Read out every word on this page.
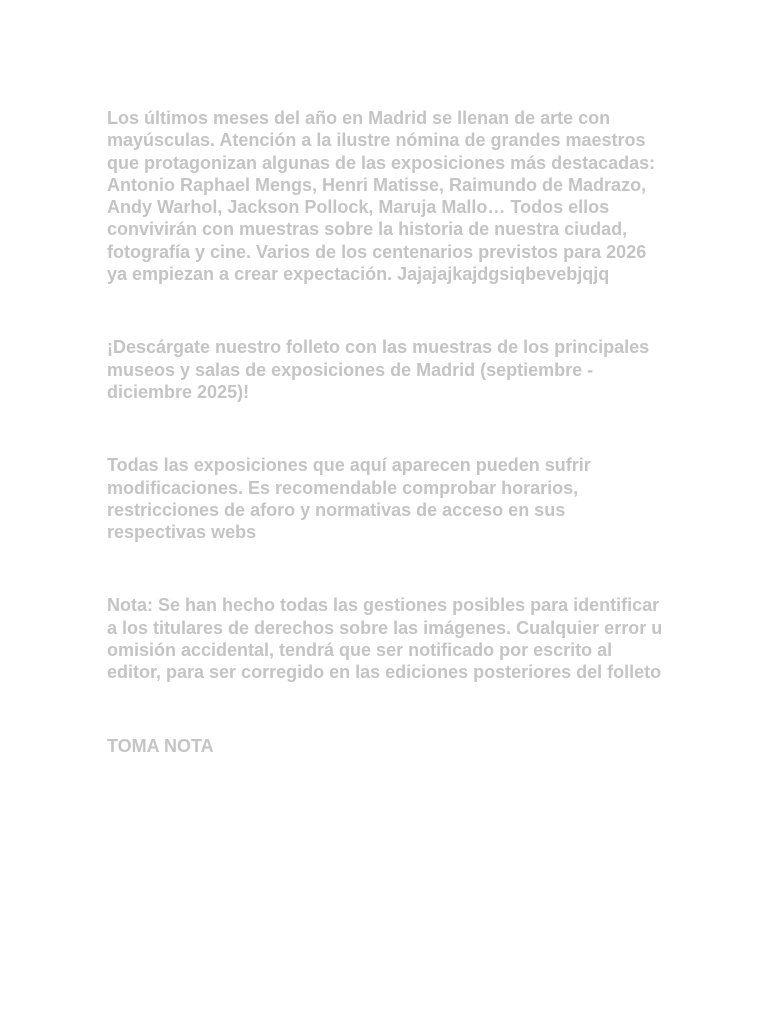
Los últimos meses del año en Madrid se llenan de arte con mayúsculas. Atención a la ilustre nómina de grandes maestros que protagonizan algunas de las exposiciones más destacadas: Antonio Raphael Mengs, Henri Matisse, Raimundo de Madrazo, Andy Warhol, Jackson Pollock, Maruja Mallo… Todos ellos convivirán con muestras sobre la historia de nuestra ciudad, fotografía y cine. Varios de los centenarios previstos para 2026 ya empiezan a crear expectación. Jajajajkajdgsiqbevebjqjq

¡Descárgate nuestro folleto con las muestras de los principales museos y salas de exposiciones de Madrid (septiembre - diciembre 2025)!

Todas las exposiciones que aquí aparecen pueden sufrir modificaciones. Es recomendable comprobar horarios, restricciones de aforo y normativas de acceso en sus respectivas webs

Nota: Se han hecho todas las gestiones posibles para identificar a los titulares de derechos sobre las imágenes. Cualquier error u omisión accidental, tendrá que ser notificado por escrito al editor, para ser corregido en las ediciones posteriores del folleto

TOMA NOTA
